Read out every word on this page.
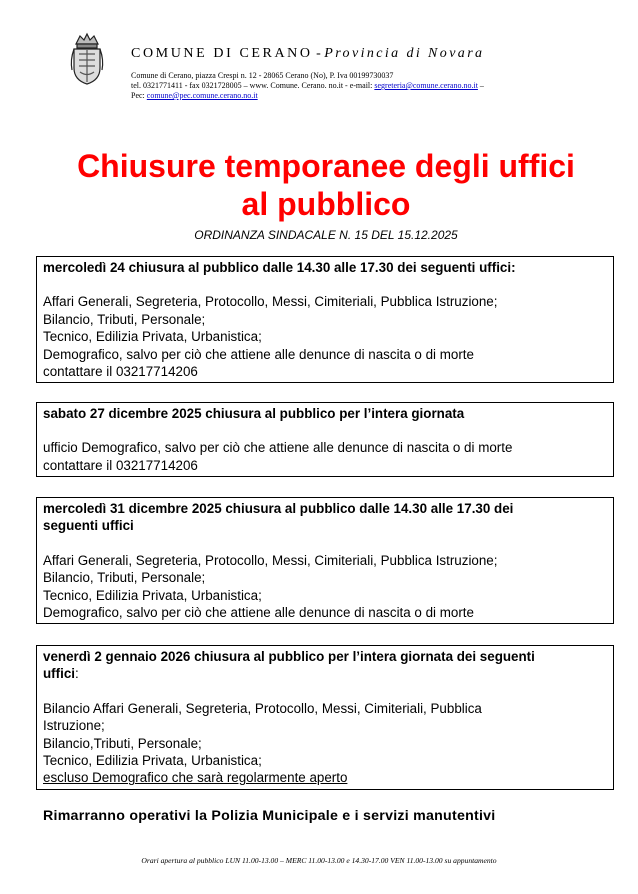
COMUNE DI CERANO - Provincia di Novara
Comune di Cerano, piazza Crespi n. 12 - 28065 Cerano (No), P. Iva 00199730037
tel. 0321771411 - fax 0321728005 – www. Comune. Cerano. no.it - e-mail: segreteria@comune.cerano.no.it –
Pec: comune@pec.comune.cerano.no.it
Chiusure temporanee degli uffici
al pubblico
ORDINANZA SINDACALE N. 15 DEL 15.12.2025

mercoledì 24 chiusura al pubblico dalle 14.30 alle 17.30 dei seguenti uffici:

Affari Generali, Segreteria, Protocollo, Messi, Cimiteriali, Pubblica Istruzione;

Bilancio, Tributi, Personale;

Tecnico, Edilizia Privata, Urbanistica;

Demografico, salvo per ciò che attiene alle denunce di nascita o di morte

contattare il 03217714206

sabato 27 dicembre 2025 chiusura al pubblico per l’intera giornata

ufficio Demografico, salvo per ciò che attiene alle denunce di nascita o di morte

contattare il 03217714206

mercoledì 31 dicembre 2025 chiusura al pubblico dalle 14.30 alle 17.30 dei

seguenti uffici

Affari Generali, Segreteria, Protocollo, Messi, Cimiteriali, Pubblica Istruzione;

Bilancio, Tributi, Personale;

Tecnico, Edilizia Privata, Urbanistica;

Demografico, salvo per ciò che attiene alle denunce di nascita o di morte

venerdì 2 gennaio 2026 chiusura al pubblico per l’intera giornata dei seguenti

uffici:

Bilancio Affari Generali, Segreteria, Protocollo, Messi, Cimiteriali, Pubblica

Istruzione;

Bilancio,Tributi, Personale;

Tecnico, Edilizia Privata, Urbanistica;

escluso Demografico che sarà regolarmente aperto

Rimarranno operativi la Polizia Municipale e i servizi manutentivi
Orari apertura al pubblico LUN 11.00-13.00 – MERC 11.00-13.00 e 14.30-17.00 VEN 11.00-13.00 su appuntamento
